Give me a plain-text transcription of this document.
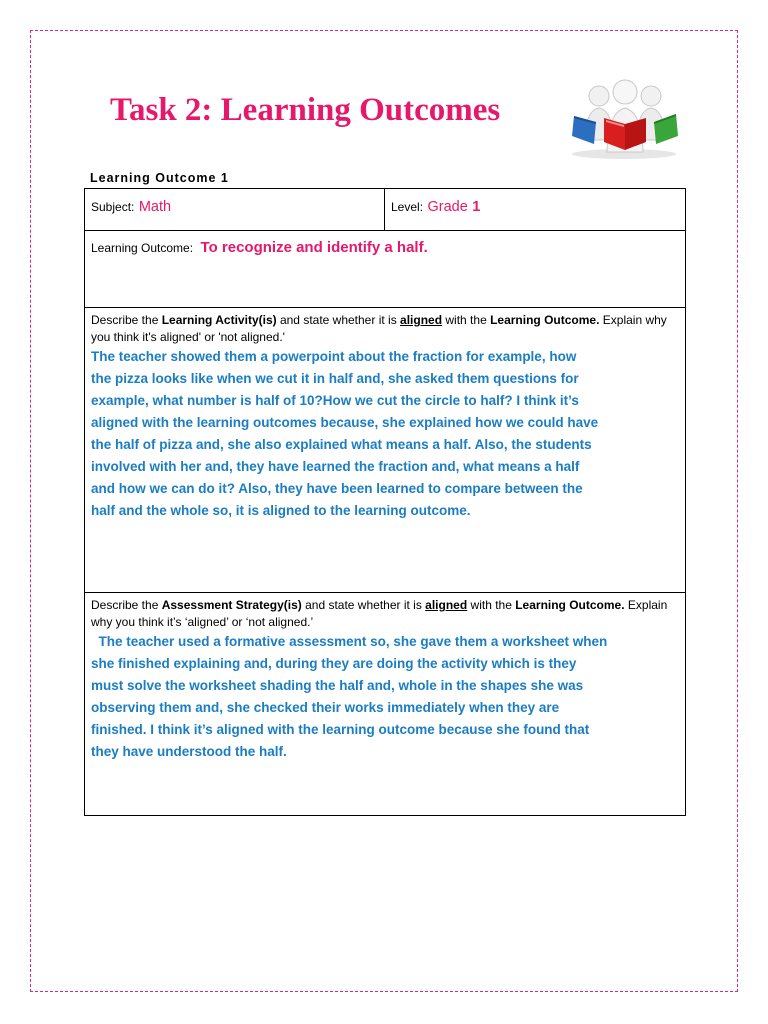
Task 2: Learning Outcomes
Learning Outcome 1
Subject: Math	Level: Grade 1
Learning Outcome: To recognize and identify a half.

Describe the Learning Activity(is) and state whether it is aligned with the Learning Outcome. Explain why you think it's aligned' or 'not aligned.'

The teacher showed them a powerpoint about the fraction for example, how
the pizza looks like when we cut it in half and, she asked them questions for
example, what number is half of 10?How we cut the circle to half? I think it’s
aligned with the learning outcomes because, she explained how we could have
the half of pizza and, she also explained what means a half. Also, the students
involved with her and, they have learned the fraction and, what means a half
and how we can do it? Also, they have been learned to compare between the
half and the whole so, it is aligned to the learning outcome.

Describe the Assessment Strategy(is) and state whether it is aligned with the Learning Outcome. Explain why you think it’s ‘aligned’ or ‘not aligned.’

The teacher used a formative assessment so, she gave them a worksheet when
she finished explaining and, during they are doing the activity which is they
must solve the worksheet shading the half and, whole in the shapes she was
observing them and, she checked their works immediately when they are
finished. I think it’s aligned with the learning outcome because she found that
they have understood the half.
